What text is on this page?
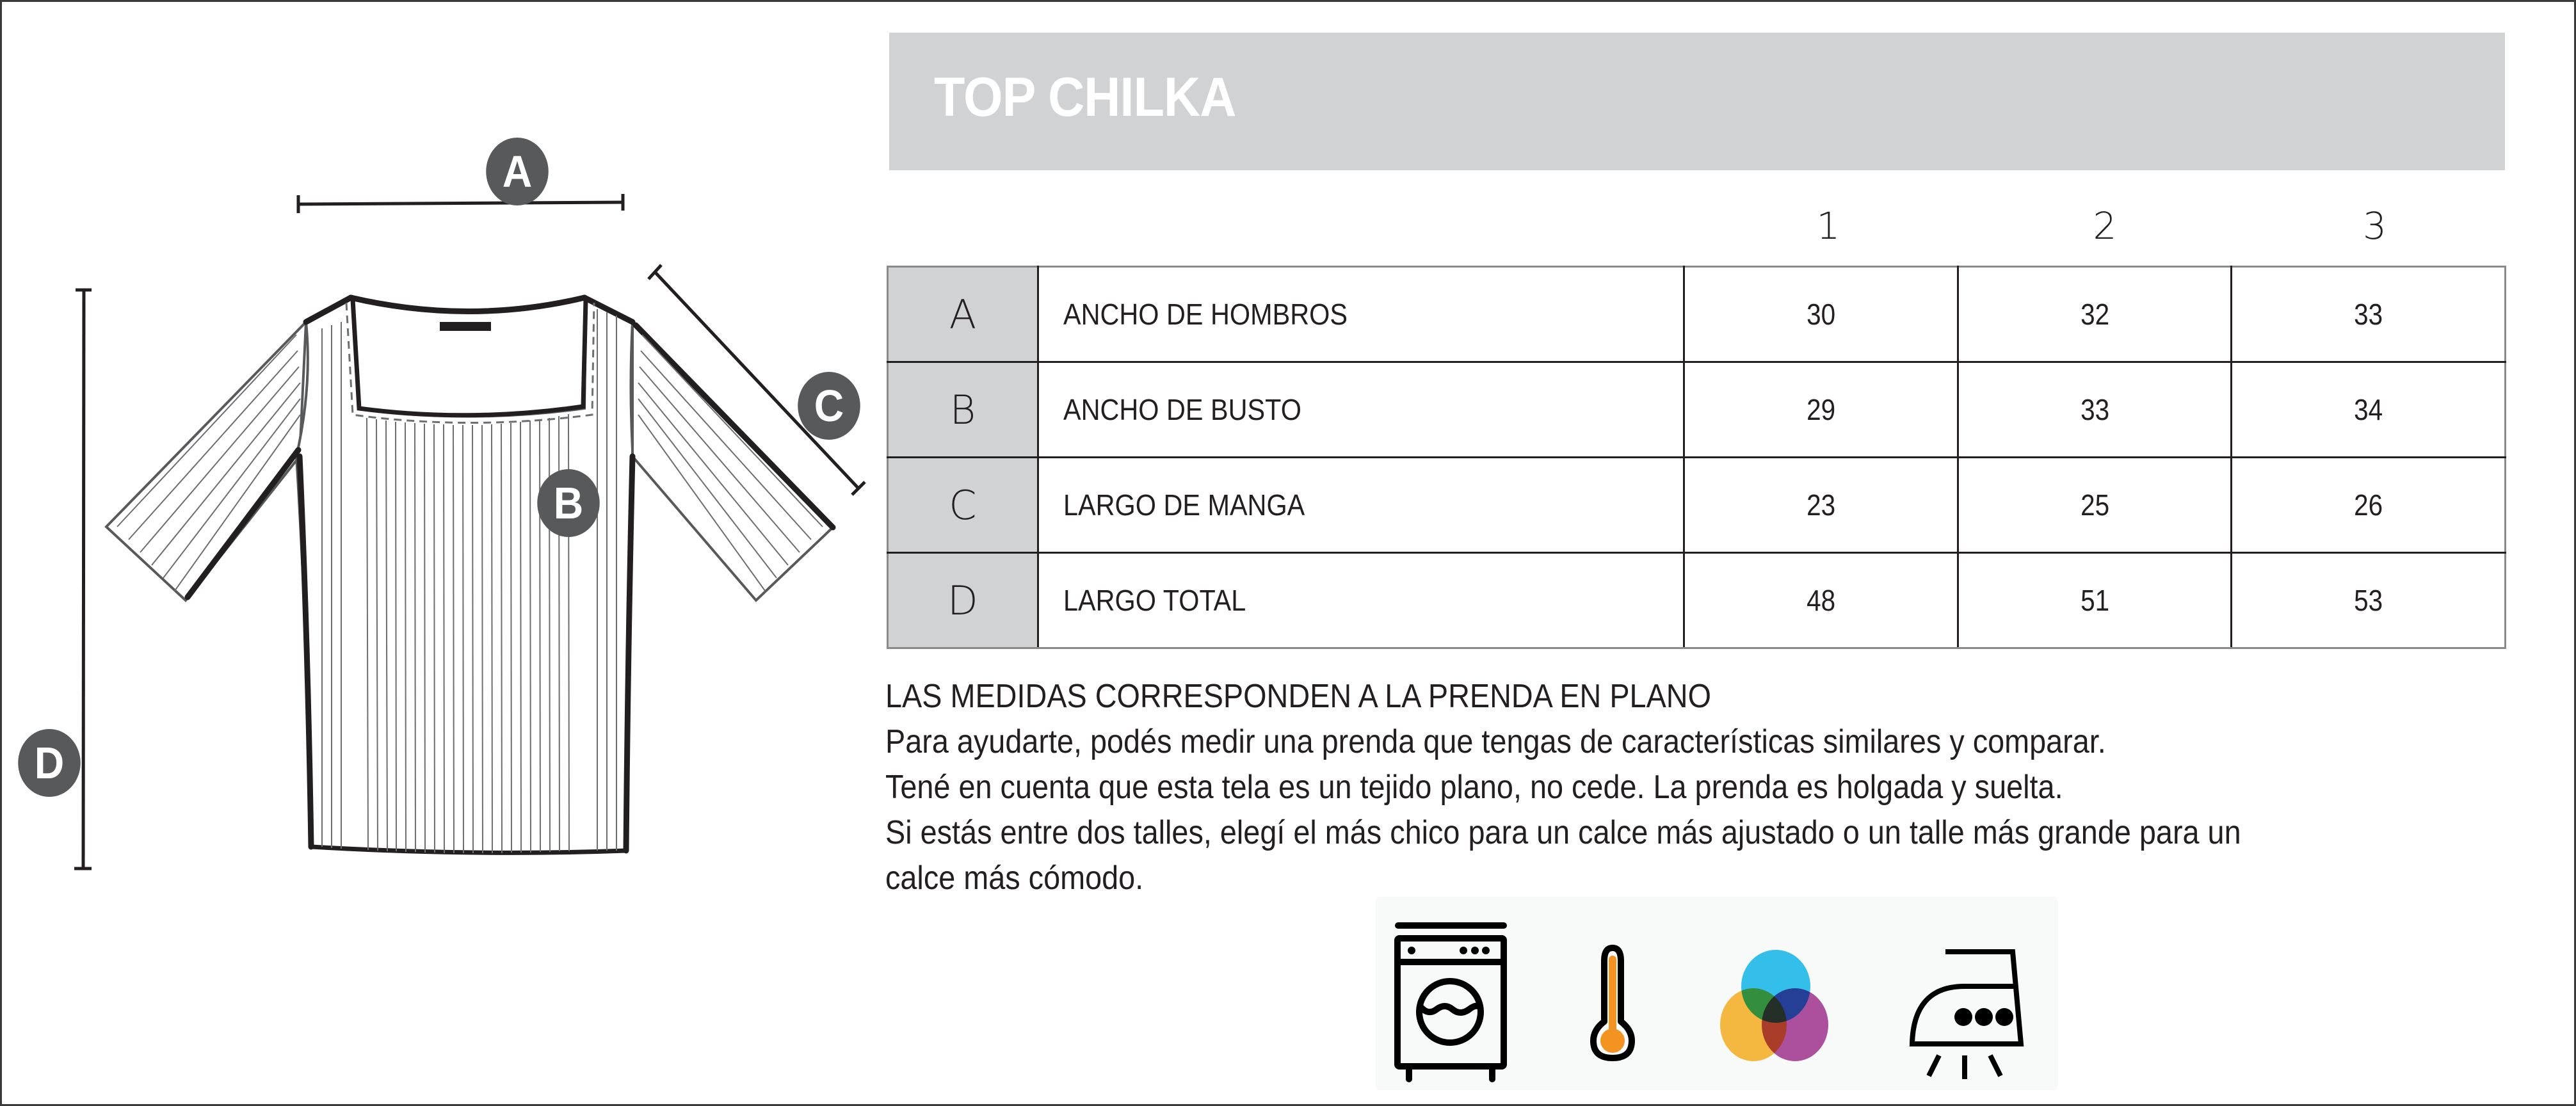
A
B
C
D
TOP CHILKA
1	2	3
A	ANCHO DE HOMBROS	30	32	33
B	ANCHO DE BUSTO	29	33	34
C	LARGO DE MANGA	23	25	26
D	LARGO TOTAL	48	51	53

LAS MEDIDAS CORRESPONDEN A LA PRENDA EN PLANO

Para ayudarte, podés medir una prenda que tengas de características similares y comparar.

Tené en cuenta que esta tela es un tejido plano, no cede. La prenda es holgada y suelta.

Si estás entre dos talles, elegí el más chico para un calce más ajustado o un talle más grande para un

calce más cómodo.
